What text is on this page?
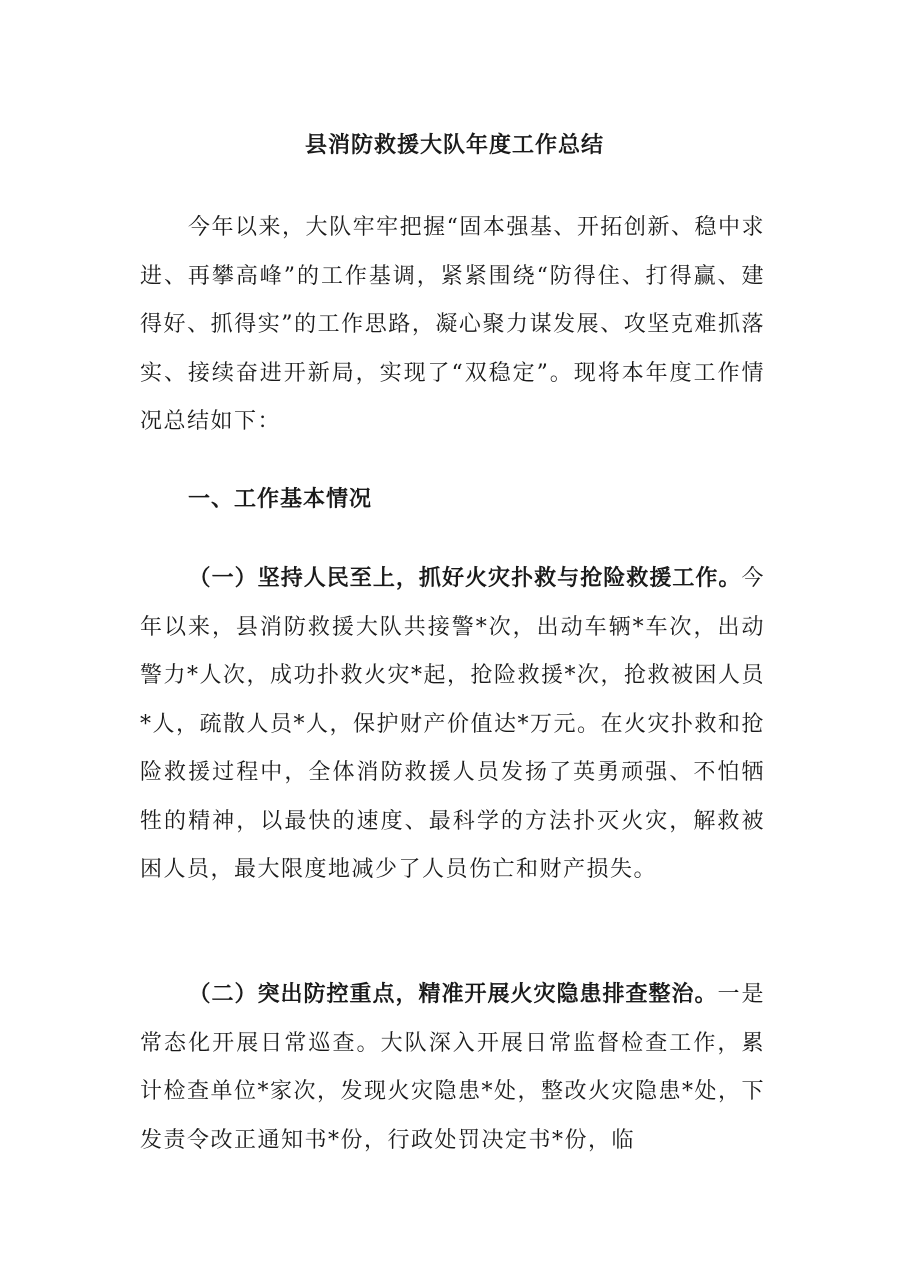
县消防救援大队年度工作总结

今年以来，大队牢牢把握“固本强基、开拓创新、稳中求进、再攀高峰”的工作基调，紧紧围绕“防得住、打得赢、建得好、抓得实”的工作思路，凝心聚力谋发展、攻坚克难抓落实、接续奋进开新局，实现了“双稳定”。现将本年度工作情况总结如下：

一、工作基本情况

（一）坚持人民至上，抓好火灾扑救与抢险救援工作。今年以来，县消防救援大队共接警*次，出动车辆*车次，出动警力*人次，成功扑救火灾*起，抢险救援*次，抢救被困人员*人，疏散人员*人，保护财产价值达*万元。在火灾扑救和抢险救援过程中，全体消防救援人员发扬了英勇顽强、不怕牺牲的精神，以最快的速度、最科学的方法扑灭火灾，解救被困人员，最大限度地减少了人员伤亡和财产损失。

（二）突出防控重点，精准开展火灾隐患排查整治。一是常态化开展日常巡查。大队深入开展日常监督检查工作，累计检查单位*家次，发现火灾隐患*处，整改火灾隐患*处，下发责令改正通知书*份，行政处罚决定书*份，临
